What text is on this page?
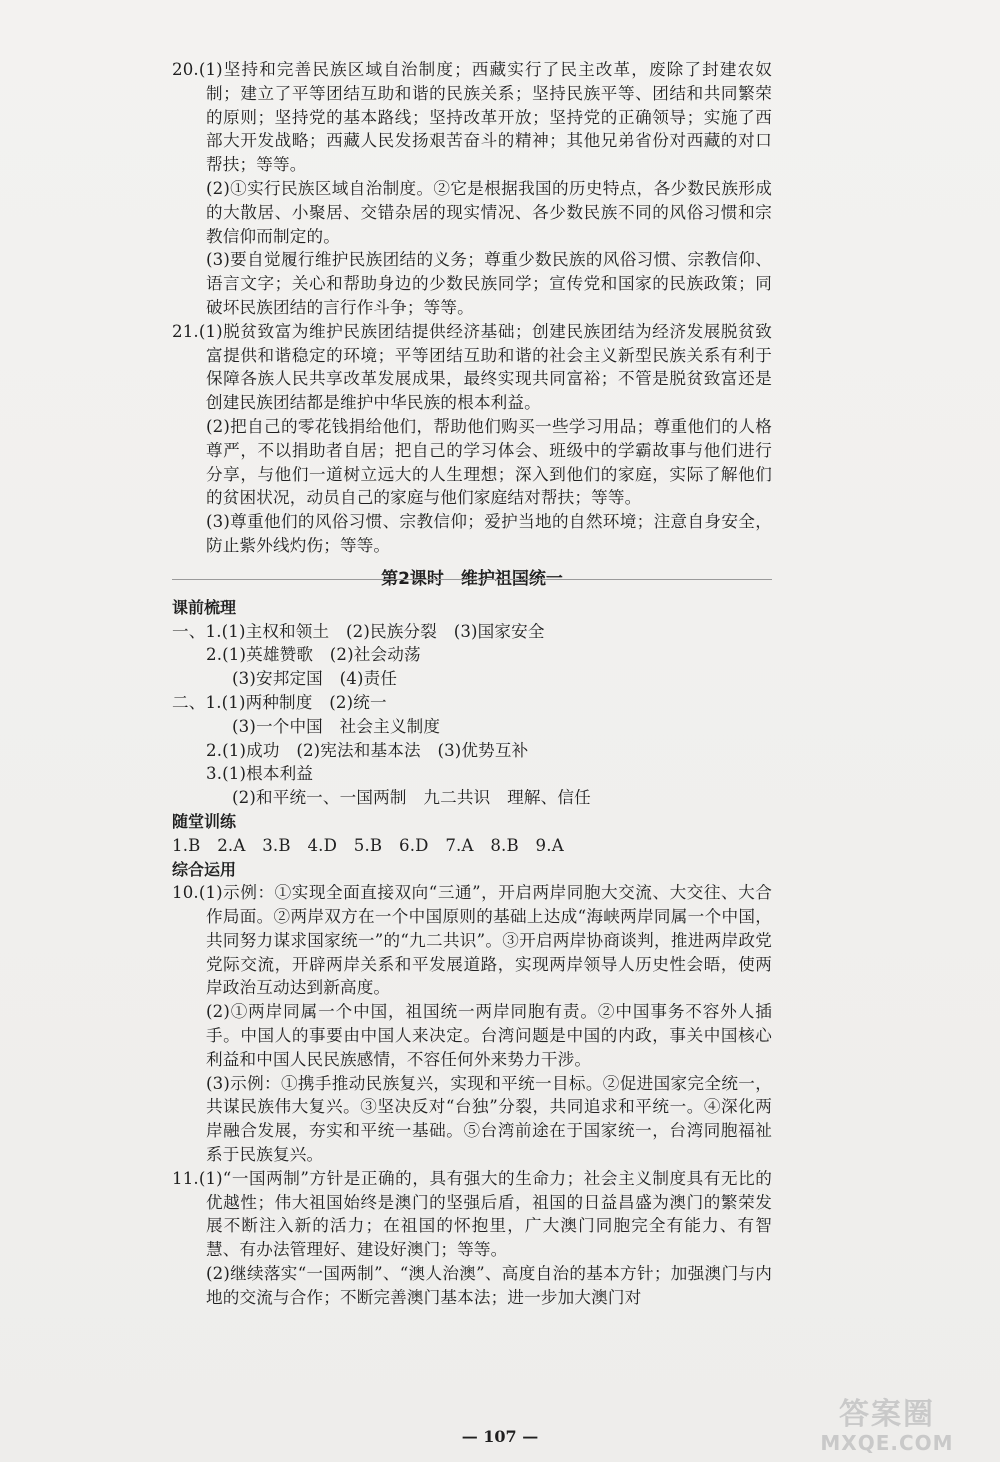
20.(1)坚持和完善民族区域自治制度；西藏实行了民主改革，废除了封建农奴制；建立了平等团结互助和谐的民族关系；坚持民族平等、团结和共同繁荣的原则；坚持党的基本路线；坚持改革开放；坚持党的正确领导；实施了西部大开发战略；西藏人民发扬艰苦奋斗的精神；其他兄弟省份对西藏的对口帮扶；等等。

(2)①实行民族区域自治制度。②它是根据我国的历史特点，各少数民族形成的大散居、小聚居、交错杂居的现实情况、各少数民族不同的风俗习惯和宗教信仰而制定的。

(3)要自觉履行维护民族团结的义务；尊重少数民族的风俗习惯、宗教信仰、语言文字；关心和帮助身边的少数民族同学；宣传党和国家的民族政策；同破坏民族团结的言行作斗争；等等。

21.(1)脱贫致富为维护民族团结提供经济基础；创建民族团结为经济发展脱贫致富提供和谐稳定的环境；平等团结互助和谐的社会主义新型民族关系有利于保障各族人民共享改革发展成果，最终实现共同富裕；不管是脱贫致富还是创建民族团结都是维护中华民族的根本利益。

(2)把自己的零花钱捐给他们，帮助他们购买一些学习用品；尊重他们的人格尊严，不以捐助者自居；把自己的学习体会、班级中的学霸故事与他们进行分享，与他们一道树立远大的人生理想；深入到他们的家庭，实际了解他们的贫困状况，动员自己的家庭与他们家庭结对帮扶；等等。

(3)尊重他们的风俗习惯、宗教信仰；爱护当地的自然环境；注意自身安全，防止紫外线灼伤；等等。

第2课时　维护祖国统一
课前梳理

一、1.(1)主权和领土　(2)民族分裂　(3)国家安全

2.(1)英雄赞歌　(2)社会动荡

(3)安邦定国　(4)责任

二、1.(1)两种制度　(2)统一

(3)一个中国　社会主义制度

2.(1)成功　(2)宪法和基本法　(3)优势互补

3.(1)根本利益

(2)和平统一、一国两制　九二共识　理解、信任

随堂训练

1.B　2.A　3.B　4.D　5.B　6.D　7.A　8.B　9.A

综合运用

10.(1)示例：①实现全面直接双向“三通”，开启两岸同胞大交流、大交往、大合作局面。②两岸双方在一个中国原则的基础上达成“海峡两岸同属一个中国，共同努力谋求国家统一”的“九二共识”。③开启两岸协商谈判，推进两岸政党党际交流，开辟两岸关系和平发展道路，实现两岸领导人历史性会晤，使两岸政治互动达到新高度。

(2)①两岸同属一个中国，祖国统一两岸同胞有责。②中国事务不容外人插手。中国人的事要由中国人来决定。台湾问题是中国的内政，事关中国核心利益和中国人民民族感情，不容任何外来势力干涉。

(3)示例：①携手推动民族复兴，实现和平统一目标。②促进国家完全统一，共谋民族伟大复兴。③坚决反对“台独”分裂，共同追求和平统一。④深化两岸融合发展，夯实和平统一基础。⑤台湾前途在于国家统一，台湾同胞福祉系于民族复兴。

11.(1)“一国两制”方针是正确的，具有强大的生命力；社会主义制度具有无比的优越性；伟大祖国始终是澳门的坚强后盾，祖国的日益昌盛为澳门的繁荣发展不断注入新的活力；在祖国的怀抱里，广大澳门同胞完全有能力、有智慧、有办法管理好、建设好澳门；等等。

(2)继续落实“一国两制”、“澳人治澳”、高度自治的基本方针；加强澳门与内地的交流与合作；不断完善澳门基本法；进一步加大澳门对

— 107 —
答案圈
MXQE.COM
